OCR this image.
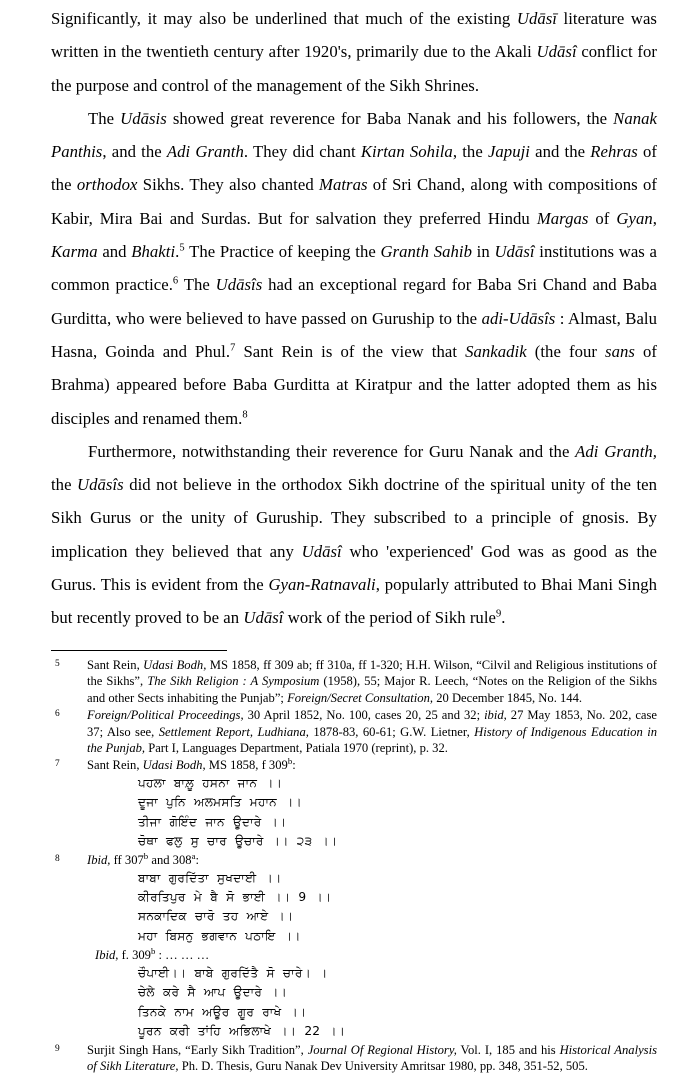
Significantly, it may also be underlined that much of the existing Udāsī literature was written in the twentieth century after 1920's, primarily due to the Akali Udāsî conflict for the purpose and control of the management of the Sikh Shrines.

The Udāsis showed great reverence for Baba Nanak and his followers, the Nanak Panthis, and the Adi Granth. They did chant Kirtan Sohila, the Japuji and the Rehras of the orthodox Sikhs. They also chanted Matras of Sri Chand, along with compositions of Kabir, Mira Bai and Surdas. But for salvation they preferred Hindu Margas of Gyan, Karma and Bhakti.$^5$ The Practice of keeping the Granth Sahib in Udāsî institutions was a common practice.$^6$ The Udāsîs had an exceptional regard for Baba Sri Chand and Baba Gurditta, who were believed to have passed on Guruship to the adi-Udāsîs : Almast, Balu Hasna, Goinda and Phul.$^7$ Sant Rein is of the view that Sankadik (the four sans of Brahma) appeared before Baba Gurditta at Kiratpur and the latter adopted them as his disciples and renamed them.$^8$

Furthermore, notwithstanding their reverence for Guru Nanak and the Adi Granth, the Udāsîs did not believe in the orthodox Sikh doctrine of the spiritual unity of the ten Sikh Gurus or the unity of Guruship. They subscribed to a principle of gnosis. By implication they believed that any Udāsî who 'experienced' God was as good as the Gurus. This is evident from the Gyan-Ratnavali, popularly attributed to Bhai Mani Singh but recently proved to be an Udāsî work of the period of Sikh rule$^9$.

5 Sant Rein, Udasi Bodh, MS 1858, ff 309 ab; ff 310a, ff 1-320; H.H. Wilson, “Cilvil and Religious institutions of the Sikhs”, The Sikh Religion : A Symposium (1958), 55; Major R. Leech, “Notes on the Religion of the Sikhs and other Sects inhabiting the Punjab”; Foreign/Secret Consultation, 20 December 1845, No. 144.
6 Foreign/Political Proceedings, 30 April 1852, No. 100, cases 20, 25 and 32; ibid, 27 May 1853, No. 202, case 37; Also see, Settlement Report, Ludhiana, 1878-83, 60-61; G.W. Lietner, History of Indigenous Education in the Punjab, Part I, Languages Department, Patiala 1970 (reprint), p. 32.
7 Sant Rein, Udasi Bodh, MS 1858, f 309$^b$:
ਪਹਲਾ  ਬਾਲ਼ੂ  ਹਸਨਾ  ਜਾਨ  ।।
ਦੂਜਾ  ਪੁਨਿ  ਅਲਮਸਤਿ  ਮਹਾਨ  ।।
ਤੀਜਾ  ਗੋਇੰਦ  ਜਾਨ  ਊਦਾਰੇ  ।।
ਚੋਥਾ  ਫਲੁ  ਸੁ  ਚਾਰ  ਊਚਾਰੇ  ।।  ੨੩  ।।
8 Ibid, ff 307$^b$ and 308$^a$:
ਬਾਬਾ  ਗੁਰਦਿੱਤਾ  ਸੁਖਦਾਈ  ।।
ਕੀਰਤਿਪੁਰ  ਮੇ  ਬੈ  ਸੋ  ਭਾਈ  ।।  9  ।।
ਸਨਕਾਦਿਕ  ਚਾਰੋ  ਤਹ  ਆਏ  ।।
ਮਹਾ  ਬਿਸਨੁ  ਭਗਵਾਨ  ਪਠਾਇ  ।।
Ibid, f. 309$^b$ : … … …
ਚੌਪਾਈ।।  ਬਾਬੇ  ਗੁਰਦਿੱਤੈ  ਸੋ  ਚਾਰੇ।  ।
ਚੇਲੇ  ਕਰੇ  ਸੈ  ਆਪ  ਊਦਾਰੇ  ।।
ਤਿਨਕੇ  ਨਾਮ  ਅਊਰ  ਗੂਰ  ਰਾਖੇ  ।।
ਪੂਰਨ  ਕਰੀ  ਤਾਂਹਿ  ਅਭਿਲਾਖੇ  ।।  22  ।।
9 Surjit Singh Hans, “Early Sikh Tradition”, Journal Of Regional History, Vol. I, 185 and his Historical Analysis of Sikh Literature, Ph. D. Thesis, Guru Nanak Dev University Amritsar 1980, pp. 348, 351-52, 505.
